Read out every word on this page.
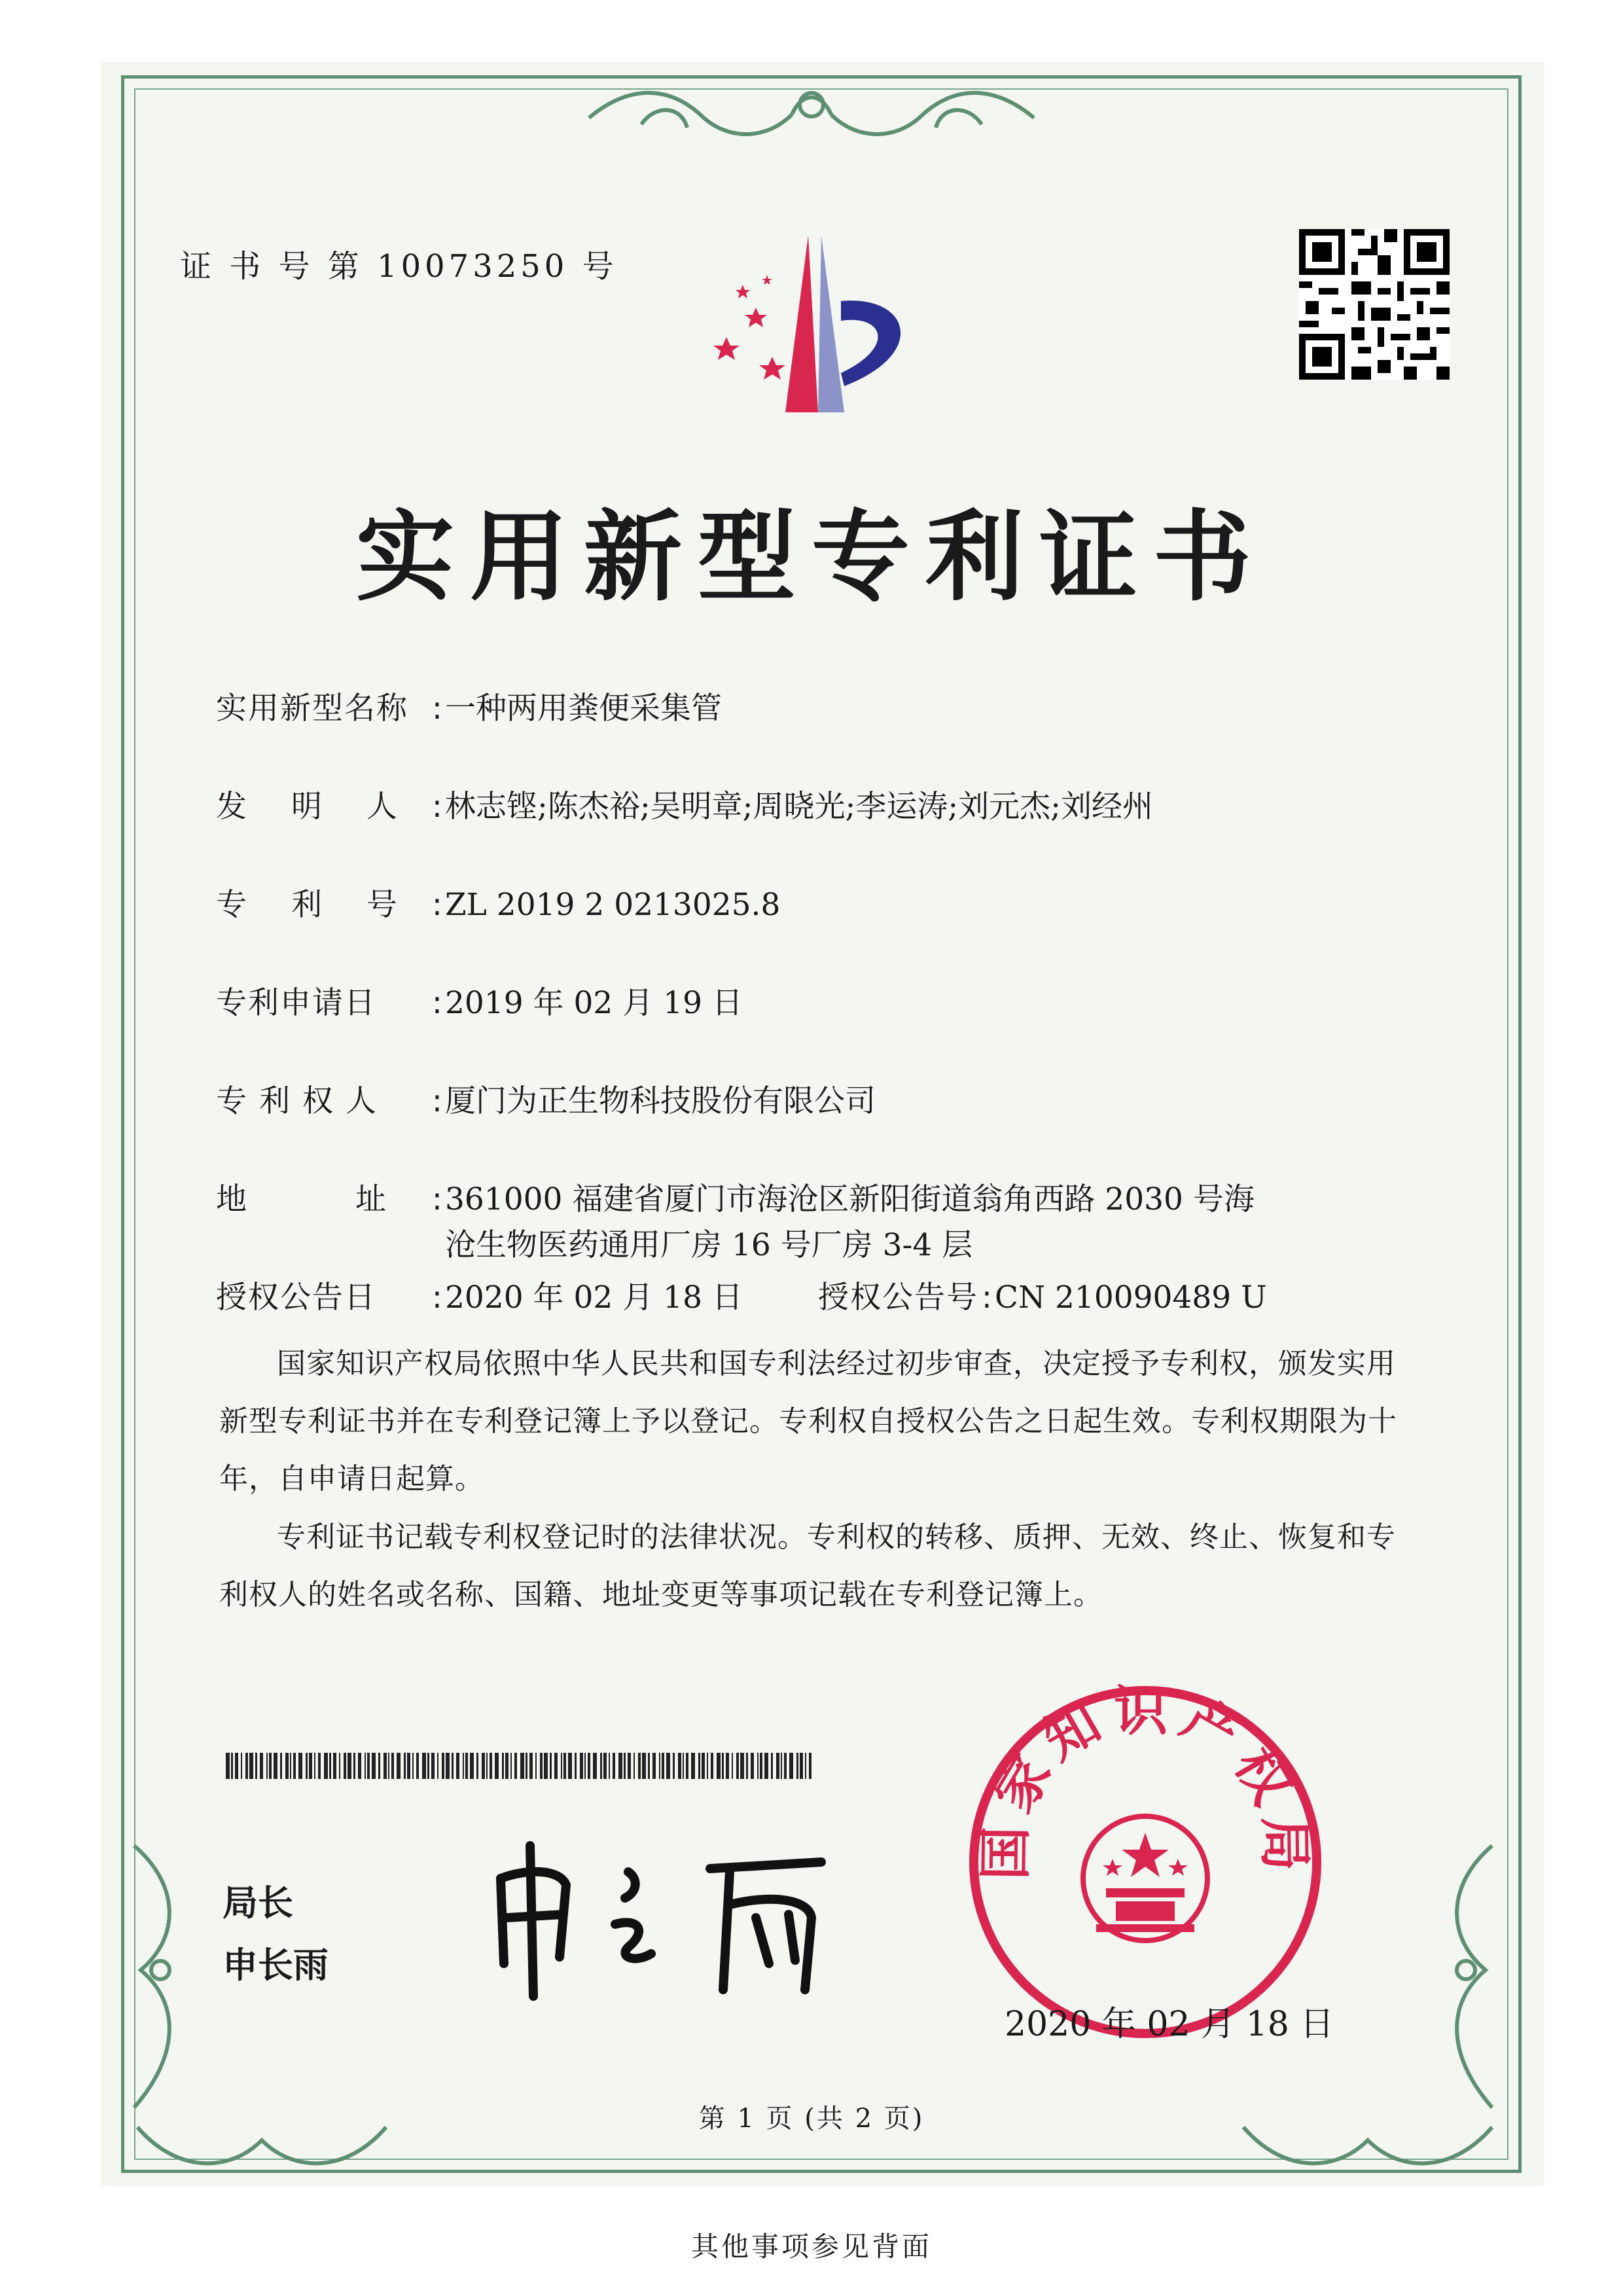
证 书 号 第 10073250 号
实用新型专利证书
实用新型名称 :一种两用粪便采集管
发　 明　 人 :林志铿;陈杰裕;吴明章;周晓光;李运涛;刘元杰;刘经州
专　 利　 号 :ZL 2019 2 0213025.8
专利申请日 :2019 年 02 月 19 日
专 利 权 人 :厦门为正生物科技股份有限公司
地　　　 址 :361000 福建省厦门市海沧区新阳街道翁角西路 2030 号海
沧生物医药通用厂房 16 号厂房 3-4 层
授权公告日 :2020 年 02 月 18 日 授权公告号 :CN 210090489 U
国家知识产权局依照中华人民共和国专利法经过初步审查，决定授予专利权，颁发实用新型专利证书并在专利登记簿上予以登记。专利权自授权公告之日起生效。专利权期限为十年，自申请日起算。
专利证书记载专利权登记时的法律状况。专利权的转移、质押、无效、终止、恢复和专利权人的姓名或名称、国籍、地址变更等事项记载在专利登记簿上。
局长
申长雨
国家知识产权局
2020 年 02 月 18 日
第 1 页 (共 2 页)
其他事项参见背面
